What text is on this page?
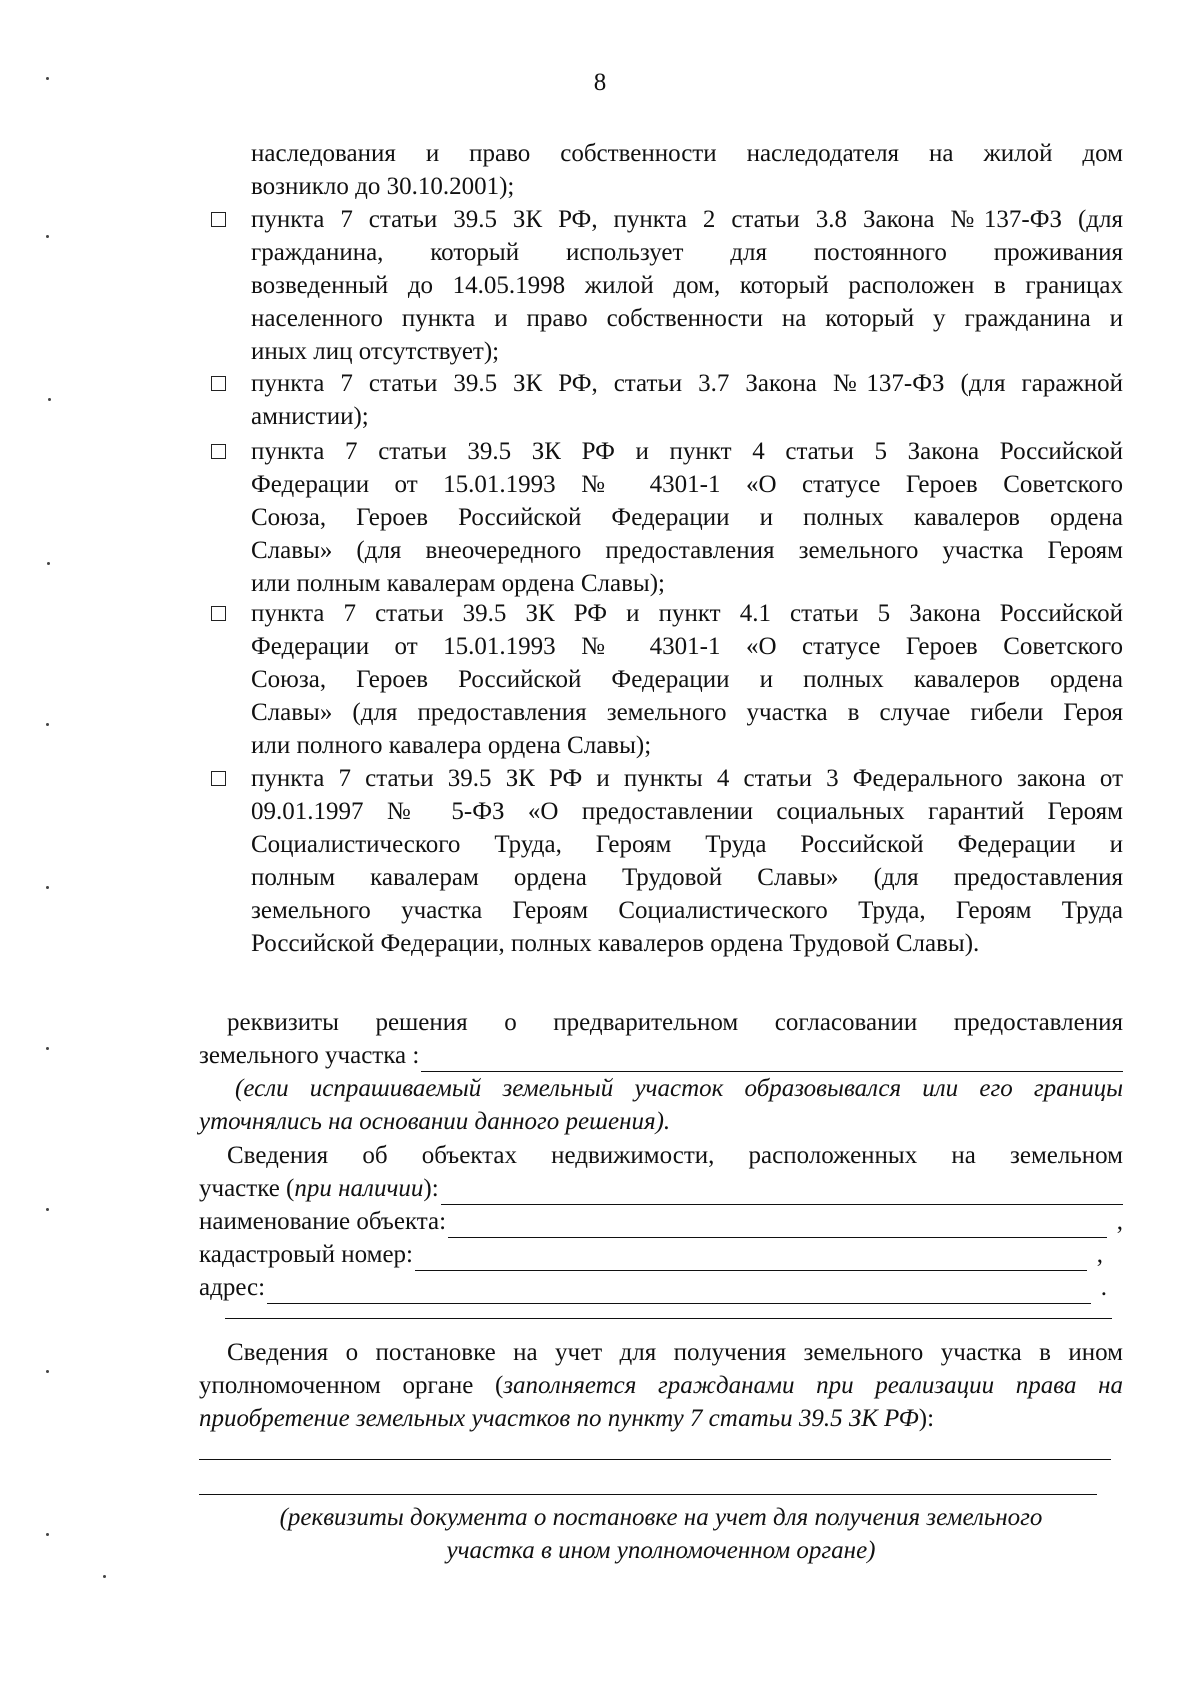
8
наследования и право собственности наследодателя на жилой дом
возникло до 30.10.2001);
пункта 7 статьи 39.5 ЗК РФ, пункта 2 статьи 3.8 Закона №137-ФЗ (для
гражданина, который использует для постоянного проживания
возведенный до 14.05.1998 жилой дом, который расположен в границах
населенного пункта и право собственности на который у гражданина и
иных лиц отсутствует);
пункта 7 статьи 39.5 ЗК РФ, статьи 3.7 Закона №137-ФЗ (для гаражной
амнистии);
пункта 7 статьи 39.5 ЗК РФ и пункт 4 статьи 5 Закона Российской
Федерации от 15.01.1993 № 4301-1 «О статусе Героев Советского
Союза, Героев Российской Федерации и полных кавалеров ордена
Славы» (для внеочередного предоставления земельного участка Героям
или полным кавалерам ордена Славы);
пункта 7 статьи 39.5 ЗК РФ и пункт 4.1 статьи 5 Закона Российской
Федерации от 15.01.1993 № 4301-1 «О статусе Героев Советского
Союза, Героев Российской Федерации и полных кавалеров ордена
Славы» (для предоставления земельного участка в случае гибели Героя
или полного кавалера ордена Славы);
пункта 7 статьи 39.5 ЗК РФ и пункты 4 статьи 3 Федерального закона от
09.01.1997 № 5-ФЗ «О предоставлении социальных гарантий Героям
Социалистического Труда, Героям Труда Российской Федерации и
полным кавалерам ордена Трудовой Славы» (для предоставления
земельного участка Героям Социалистического Труда, Героям Труда
Российской Федерации, полных кавалеров ордена Трудовой Славы).
реквизиты решения о предварительном согласовании предоставления
земельного участка :
(если испрашиваемый земельный участок образовывался или его границы
уточнялись на основании данного решения).
Сведения об объектах недвижимости, расположенных на земельном
участке (при наличии):
наименование объекта:	,
кадастровый номер:	,
адрес:	.
Сведения о постановке на учет для получения земельного участка в ином
уполномоченном органе (заполняется гражданами при реализации права на
приобретение земельных участков по пункту 7 статьи 39.5 ЗК РФ):
(реквизиты документа о постановке на учет для получения земельного
участка в ином уполномоченном органе)
